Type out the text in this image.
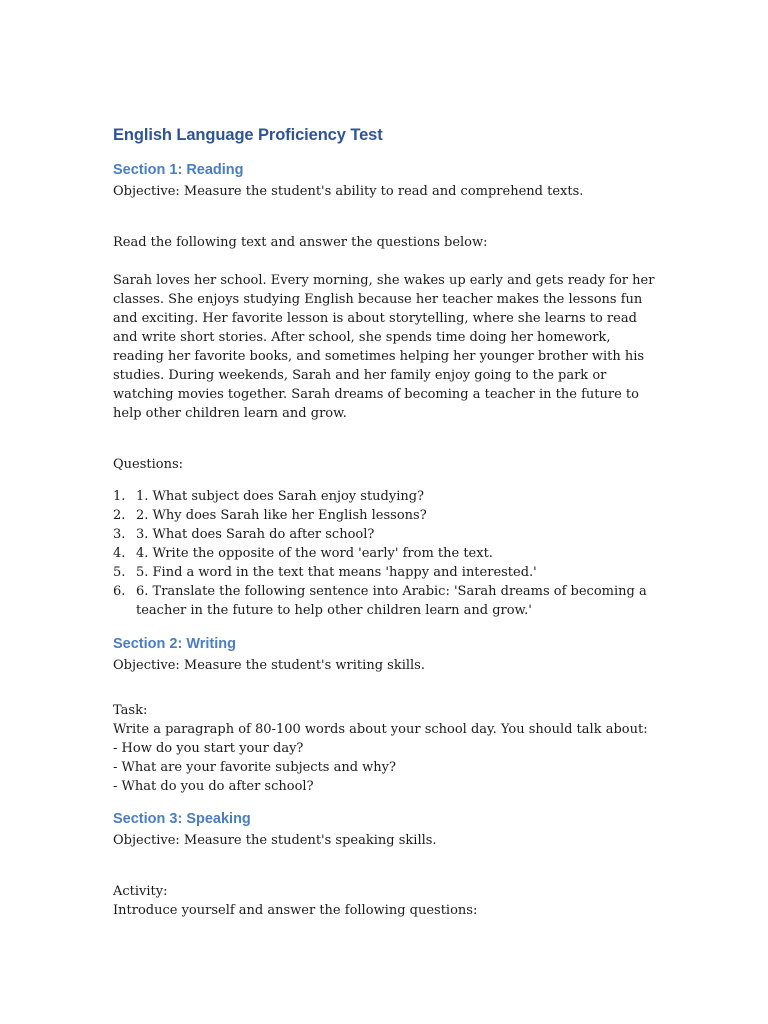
English Language Proficiency Test
Section 1: Reading

Objective: Measure the student's ability to read and comprehend texts.

Read the following text and answer the questions below:

Sarah loves her school. Every morning, she wakes up early and gets ready for her classes. She enjoys studying English because her teacher makes the lessons fun and exciting. Her favorite lesson is about storytelling, where she learns to read and write short stories. After school, she spends time doing her homework, reading her favorite books, and sometimes helping her younger brother with his studies. During weekends, Sarah and her family enjoy going to the park or watching movies together. Sarah dreams of becoming a teacher in the future to help other children learn and grow.

Questions:

1. 1. What subject does Sarah enjoy studying?
2. 2. Why does Sarah like her English lessons?
3. 3. What does Sarah do after school?
4. 4. Write the opposite of the word 'early' from the text.
5. 5. Find a word in the text that means 'happy and interested.'
6. 6. Translate the following sentence into Arabic: 'Sarah dreams of becoming a teacher in the future to help other children learn and grow.'
Section 2: Writing

Objective: Measure the student's writing skills.

Task:

Write a paragraph of 80-100 words about your school day. You should talk about:

- How do you start your day?

- What are your favorite subjects and why?

- What do you do after school?

Section 3: Speaking

Objective: Measure the student's speaking skills.

Activity:

Introduce yourself and answer the following questions:
